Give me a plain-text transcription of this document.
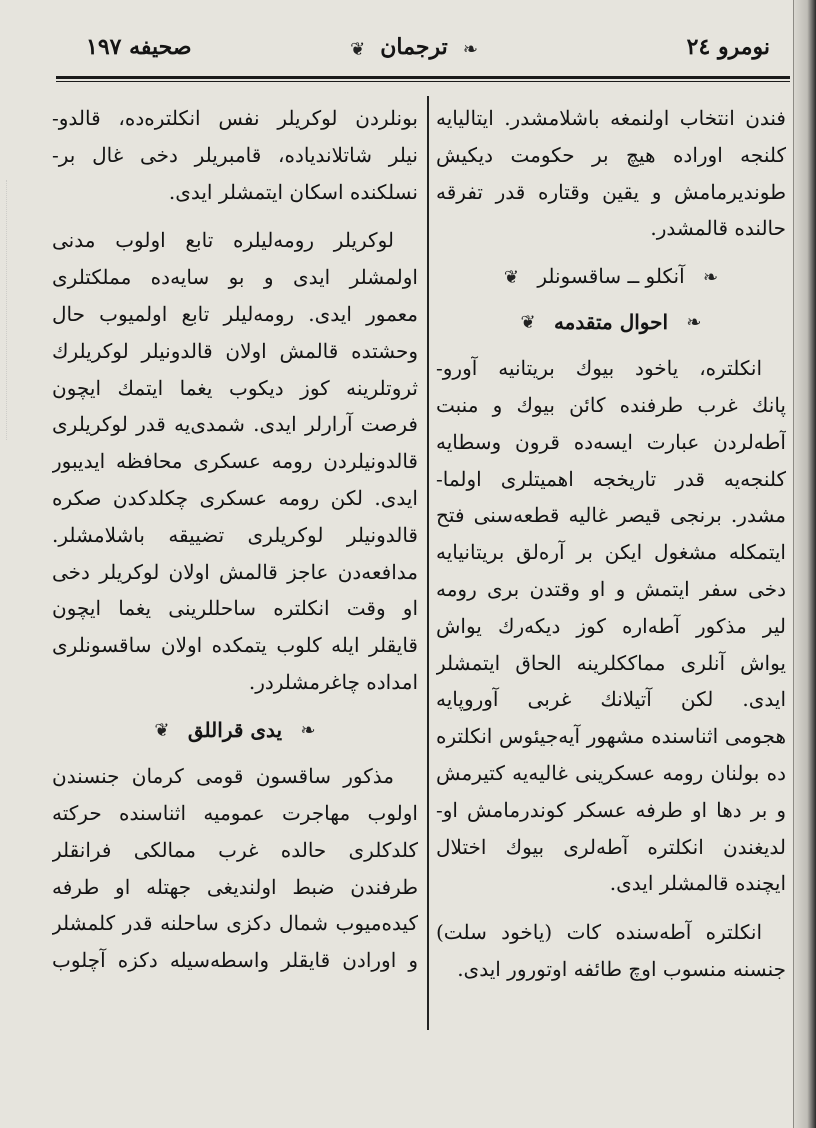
نومرو ۲٤
❦ ترجمان ❧
صحيفه ۱۹۷

فندن انتخاب اولنمغه باشلامشدر. ايتاليايه
كلنجه اوراده هيچ بر حكومت ديكيش
طوندير‌مامش و يقين وقتاره قدر تفرقه
حالنده قالمشدر.

❦ آنكلو ــ ساقسونلر ❧
❦ احوال متقدمه ❧

انكلتره، ياخود بيوك بريتانيه آورو-
پانك غرب طرفنده كائن بيوك و منبت
آطه‌لردن عبارت ايسه‌ده قرون وسطايه
كلنجه‌يه قدر تاريخجه اهميتلرى اولما-
مشدر. برنجى قيصر غاليه قطعه‌سنى فتح
ايتمكله مشغول ايكن بر آرەلق بريتانيايه
دخى سفر ايتمش و او وقتدن برى رومه
لير مذكور آطه‌اره كوز ديكه‌رك يواش
يواش آنلرى مماككلرينه الحاق ايتمشلر
ايدى. لكن آتيلانك غربى آوروپايه
هجومى اثناسنده مشهور آيه‌جيئوس انكلتره
ده بولنان رومه عسكرينى غاليه‌يه كتيرمش
و بر دها او طرفه عسكر كوندرمامش او-
لديغندن انكلتره آطه‌لرى بيوك اختلال
ايچنده قالمشلر ايدى.

انكلتره آطه‌سنده كات (ياخود سلت)
جنسنه منسوب اوچ طائفه اوتورور ايدى.

بونلردن لوكريلر نفس انكلتره‌ده، قالدو-
نيلر شاتلاندياده، قامبريلر دخى غال بر-
نسلكنده اسكان ايتمشلر ايدى.

لوكريلر رومه‌ليلره تابع اولوب مدنى
اولمشلر ايدى و بو سايه‌ده مملكتلرى
معمور ايدى. رومه‌ليلر تابع اولميوب حال
وحشتده قالمش اولان قالدونيلر لوكريلرك
ثروتلرينه كوز ديكوب يغما ايتمك ايچون
فرصت آرارلر ايدى. شمدى‌يه قدر لوكريلرى
قالدونيلردن رومه عسكرى محافظه ايديبور
ايدى. لكن رومه عسكرى چكلدكدن صكره
قالدونيلر لوكريلرى تضييقه باشلامشلر.
مدافعه‌دن عاجز قالمش اولان لوكريلر دخى
او وقت انكلتره ساحللرينى يغما ايچون
قايقلر ايله كلوب يتمكده اولان ساقسونلرى
امداده چاغرمشلردر.

❦ يدى قراللق ❧

مذكور ساقسون قومى كرمان جنسندن
اولوب مهاجرت عموميه اثناسنده حركته
كلدكلرى حالده غرب ممالكى فرانقلر
طرفندن ضبط اولنديغى جهتله او طرفه
كيده‌ميوب شمال دكزى ساحلنه قدر كلمشلر
و اورادن قايقلر واسطه‌سيله دكزه آچلوب
